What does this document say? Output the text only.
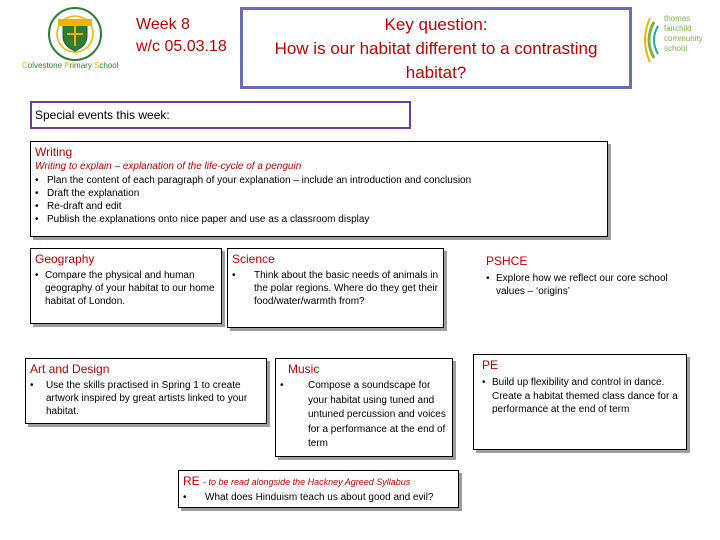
Colvestone Primary School
Week 8
w/c 05.03.18
Key question:
How is our habitat different to a contrasting habitat?
thomas
fairchild
community
school
Special events this week:
Writing
Writing to explain – explanation of the life-cycle of a penguin
• Plan the content of each paragraph of your explanation – include an introduction and conclusion
• Draft the explanation
• Re-draft and edit
• Publish the explanations onto nice paper and use as a classroom display
Geography
• Compare the physical and human geography of your habitat to our home habitat of London.
Science
• Think about the basic needs of animals in the polar regions. Where do they get their food/water/warmth from?
PSHCE
• Explore how we reflect our core school values – ‘origins’
Art and Design
• Use the skills practised in Spring 1 to create artwork inspired by great artists linked to your habitat.
Music
• Compose a soundscape for your habitat using tuned and untuned percussion and voices for a performance at the end of term
PE
• Build up flexibility and control in dance. Create a habitat themed class dance for a performance at the end of term
RE - to be read alongside the Hackney Agreed Syllabus
• What does Hinduism teach us about good and evil?
